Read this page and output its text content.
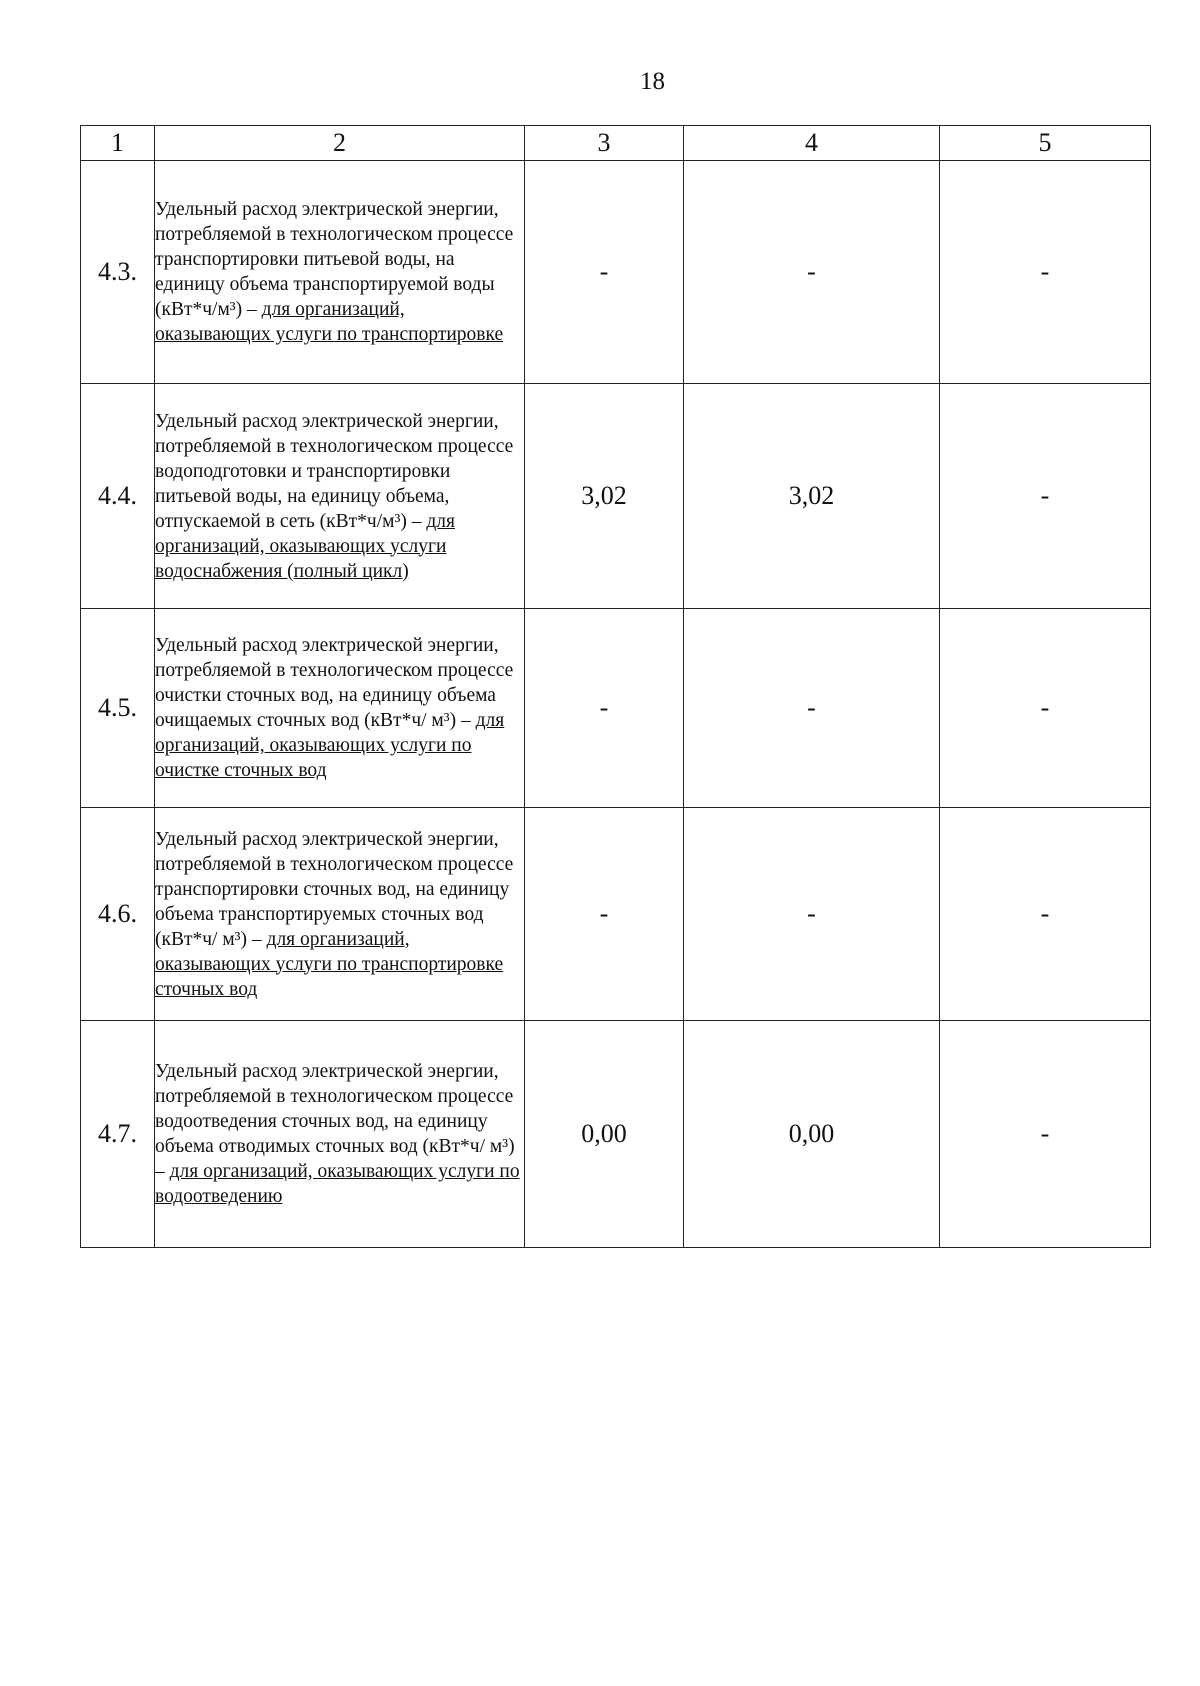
18
1	2	3	4	5
4.3.	Удельный расход электрической энергии, потребляемой в технологическом процессе транспортировки питьевой воды, на единицу объема транспортируемой воды (кВт*ч/м³) – для организаций, оказывающих услуги по транспортировке	-	-	-
4.4.	Удельный расход электрической энергии, потребляемой в технологическом процессе водоподготовки и транспортировки питьевой воды, на единицу объема, отпускаемой в сеть (кВт*ч/м³) – для организаций, оказывающих услуги водоснабжения (полный цикл)	3,02	3,02	-
4.5.	Удельный расход электрической энергии, потребляемой в технологическом процессе очистки сточных вод, на единицу объема очищаемых сточных вод (кВт*ч/ м³) – для организаций, оказывающих услуги по очистке сточных вод	-	-	-
4.6.	Удельный расход электрической энергии, потребляемой в технологическом процессе транспортировки сточных вод, на единицу объема транспортируемых сточных вод (кВт*ч/ м³) – для организаций, оказывающих услуги по транспортировке сточных вод	-	-	-
4.7.	Удельный расход электрической энергии, потребляемой в технологическом процессе водоотведения сточных вод, на единицу объема отводимых сточных вод (кВт*ч/ м³) – для организаций, оказывающих услуги по водоотведению	0,00	0,00	-
